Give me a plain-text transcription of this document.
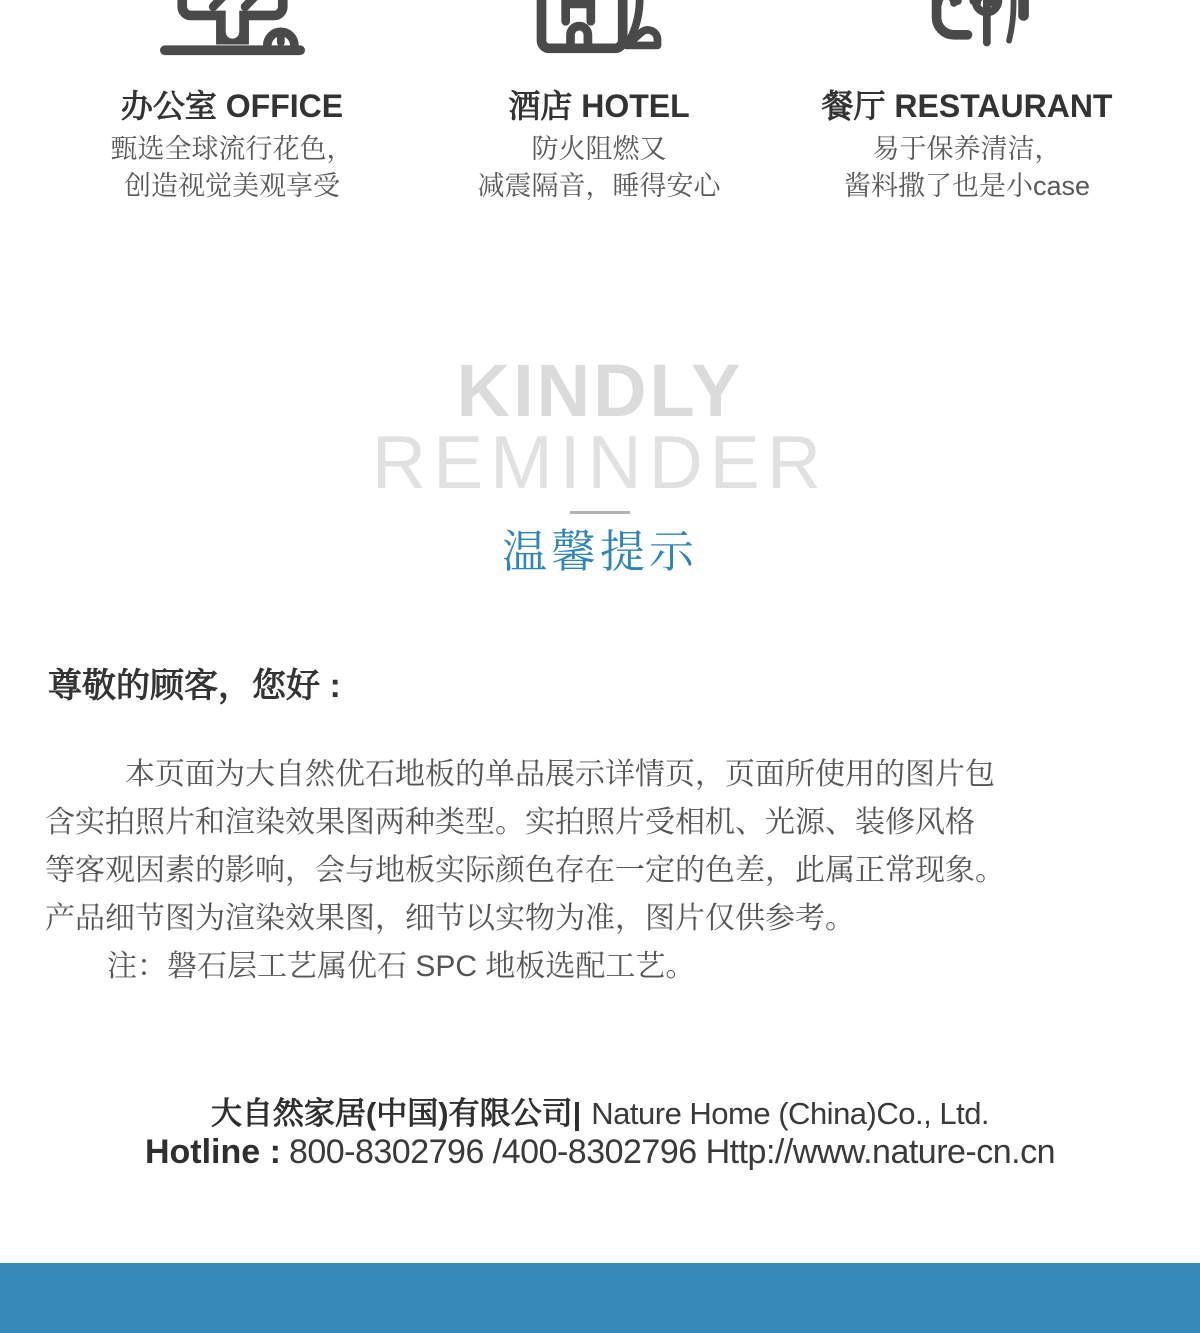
办公室 OFFICE
甄选全球流行花色，
创造视觉美观享受
酒店 HOTEL
防火阻燃又
减震隔音，睡得安心
餐厅 RESTAURANT
易于保养清洁，
酱料撒了也是小case
KINDLY
REMINDER
温馨提示
尊敬的顾客，您好 :
本页面为大自然优石地板的单品展示详情页，页面所使用的图片包
含实拍照片和渲染效果图两种类型。实拍照片受相机、光源、装修风格
等客观因素的影响，会与地板实际颜色存在一定的色差，此属正常现象。
产品细节图为渲染效果图，细节以实物为准，图片仅供参考。
注：磐石层工艺属优石 SPC 地板选配工艺。
大自然家居(中国)有限公司| Nature Home (China)Co., Ltd.
Hotline : 800-8302796 /400-8302796 Http://www.nature-cn.cn
